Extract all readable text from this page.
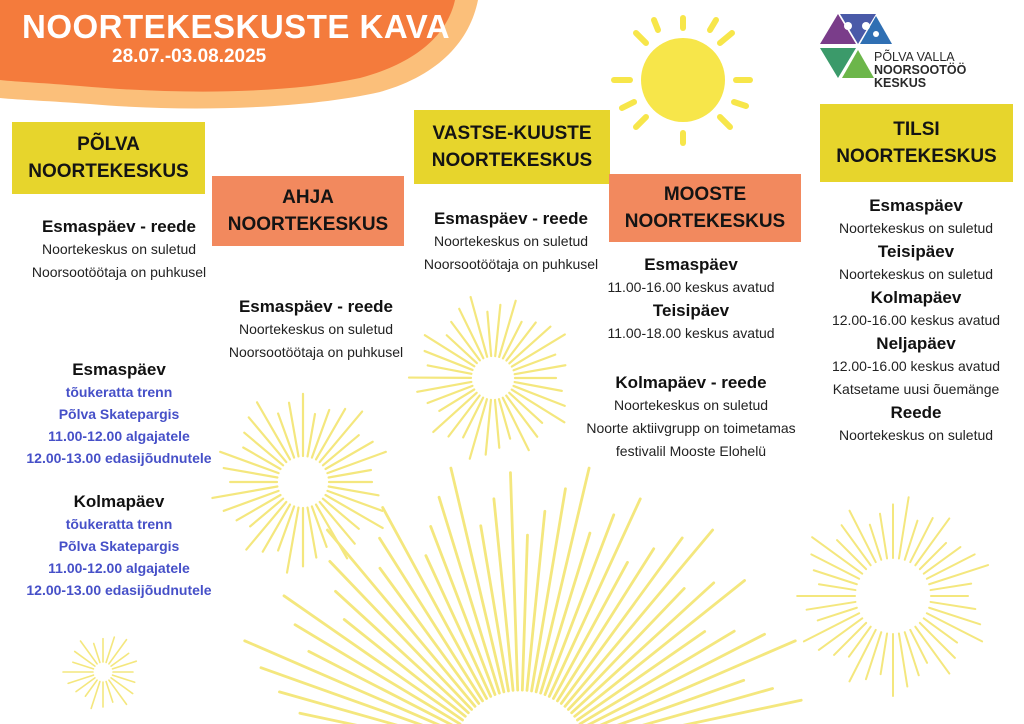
NOORTEKESKUSTE KAVA
28.07.-03.08.2025	PÕLVA VALLA
NOORSOOTÖÖ
KESKUS
PÕLVA
NOORTEKESKUS
Esmaspäev - reede
Noortekeskus on suletud
Noorsootöötaja on puhkusel
Esmaspäev
tõukeratta trenn
Põlva Skatepargis
11.00-12.00 algajatele
12.00-13.00 edasijõudnutele
Kolmapäev
tõukeratta trenn
Põlva Skatepargis
11.00-12.00 algajatele
12.00-13.00 edasijõudnutele
AHJA
NOORTEKESKUS
Esmaspäev - reede
Noortekeskus on suletud
Noorsootöötaja on puhkusel
VASTSE-KUUSTE
NOORTEKESKUS
Esmaspäev - reede
Noortekeskus on suletud
Noorsootöötaja on puhkusel
MOOSTE
NOORTEKESKUS
Esmaspäev
11.00-16.00 keskus avatud
Teisipäev
11.00-18.00 keskus avatud
Kolmapäev - reede
Noortekeskus on suletud
Noorte aktiivgrupp on toimetamas
festivalil Mooste Elohelü
TILSI
NOORTEKESKUS
Esmaspäev
Noortekeskus on suletud
Teisipäev
Noortekeskus on suletud
Kolmapäev
12.00-16.00 keskus avatud
Neljapäev
12.00-16.00 keskus avatud
Katsetame uusi õuemänge
Reede
Noortekeskus on suletud
